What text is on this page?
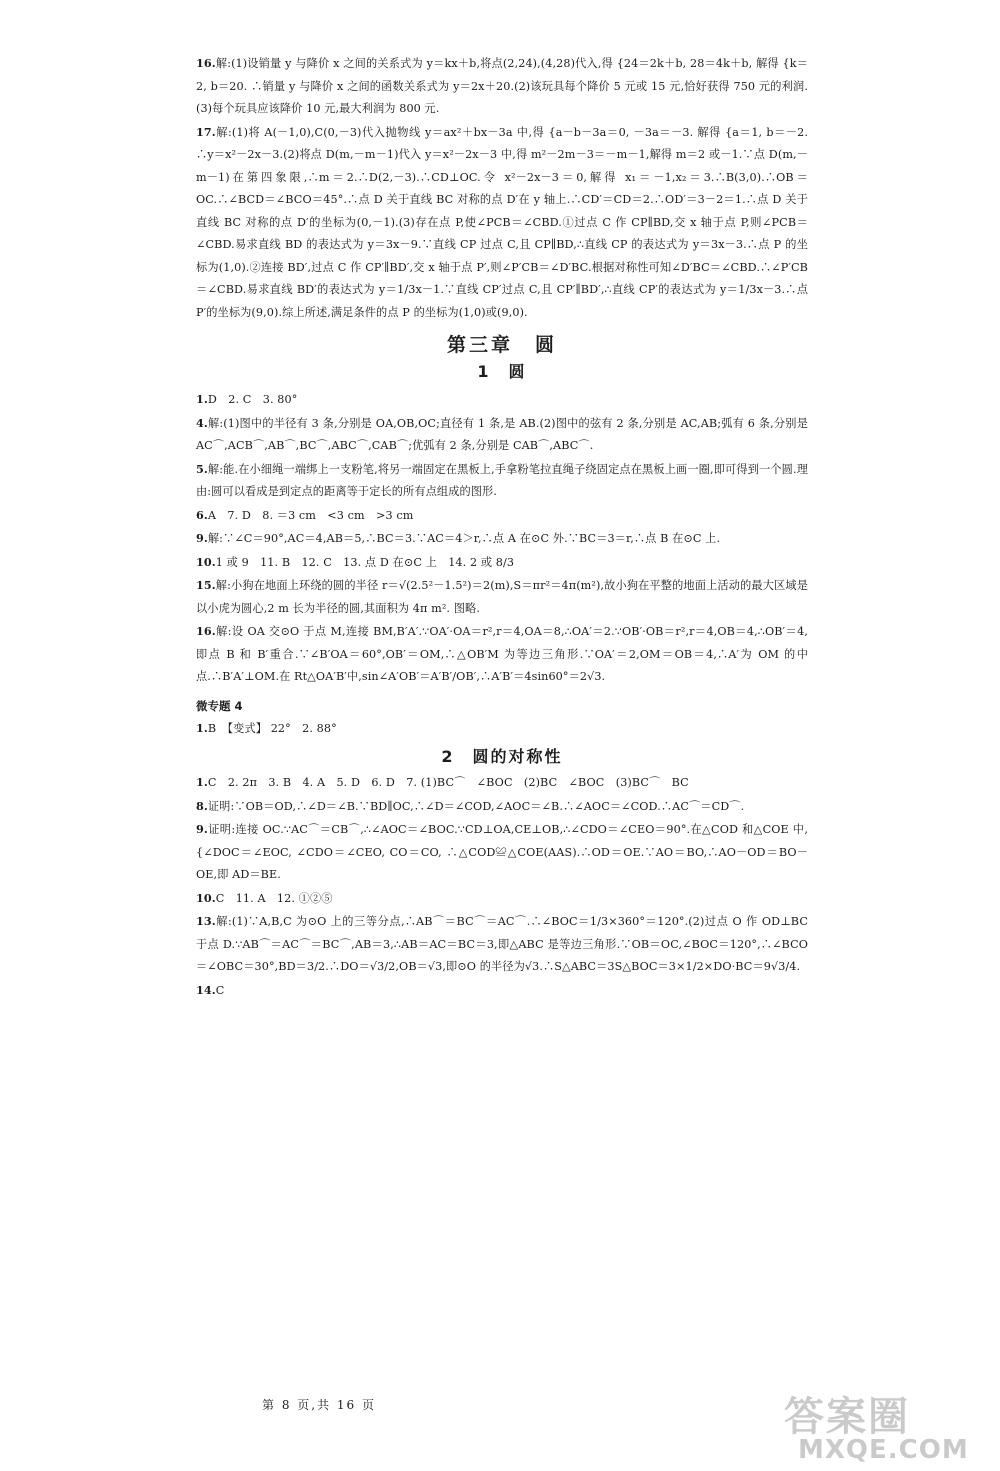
16.解:(1)设销量 y 与降价 x 之间的关系式为 y＝kx＋b,将点(2,24),(4,28)代入,得 {24＝2k＋b, 28＝4k＋b, 解得 {k＝2, b＝20. ∴销量 y 与降价 x 之间的函数关系式为 y＝2x＋20.(2)该玩具每个降价 5 元或 15 元,恰好获得 750 元的利润.(3)每个玩具应该降价 10 元,最大利润为 800 元.

17.解:(1)将 A(－1,0),C(0,－3)代入抛物线 y＝ax²＋bx－3a 中,得 {a－b－3a＝0, －3a＝－3. 解得 {a＝1, b＝－2. ∴y＝x²－2x－3.(2)将点 D(m,－m－1)代入 y＝x²－2x－3 中,得 m²－2m－3＝－m－1,解得 m＝2 或－1.∵点 D(m,－m－1)在第四象限,∴m＝2.∴D(2,－3).∴CD⊥OC.令 x²－2x－3＝0,解得 x₁＝－1,x₂＝3.∴B(3,0).∴OB＝OC.∴∠BCD＝∠BCO＝45°.∴点 D 关于直线 BC 对称的点 D′在 y 轴上.∴CD′＝CD＝2.∴OD′＝3－2＝1.∴点 D 关于直线 BC 对称的点 D′的坐标为(0,－1).(3)存在点 P,使∠PCB＝∠CBD.①过点 C 作 CP∥BD,交 x 轴于点 P,则∠PCB＝∠CBD.易求直线 BD 的表达式为 y＝3x－9.∵直线 CP 过点 C,且 CP∥BD,∴直线 CP 的表达式为 y＝3x－3.∴点 P 的坐标为(1,0).②连接 BD′,过点 C 作 CP′∥BD′,交 x 轴于点 P′,则∠P′CB＝∠D′BC.根据对称性可知∠D′BC＝∠CBD.∴∠P′CB＝∠CBD.易求直线 BD′的表达式为 y＝1/3x－1.∵直线 CP′过点 C,且 CP′∥BD′,∴直线 CP′的表达式为 y＝1/3x－3.∴点 P′的坐标为(9,0).综上所述,满足条件的点 P 的坐标为(1,0)或(9,0).

第三章　圆
1　圆

1.D　2. C　3. 80°

4.解:(1)图中的半径有 3 条,分别是 OA,OB,OC;直径有 1 条,是 AB.(2)图中的弦有 2 条,分别是 AC,AB;弧有 6 条,分别是 AC⌒,ACB⌒,AB⌒,BC⌒,ABC⌒,CAB⌒;优弧有 2 条,分别是 CAB⌒,ABC⌒.

5.解:能.在小细绳一端绑上一支粉笔,将另一端固定在黑板上,手拿粉笔拉直绳子绕固定点在黑板上画一圈,即可得到一个圆.理由:圆可以看成是到定点的距离等于定长的所有点组成的图形.

6.A　7. D　8. ＝3 cm　<3 cm　>3 cm

9.解:∵∠C＝90°,AC＝4,AB＝5,∴BC＝3.∵AC＝4＞r,∴点 A 在⊙C 外.∵BC＝3＝r,∴点 B 在⊙C 上.

10.1 或 9　11. B　12. C　13. 点 D 在⊙C 上　14. 2 或 8/3

15.解:小狗在地面上环绕的圆的半径 r＝√(2.5²－1.5²)＝2(m),S＝πr²＝4π(m²),故小狗在平整的地面上活动的最大区域是以小虎为圆心,2 m 长为半径的圆,其面积为 4π m². 图略.

16.解:设 OA 交⊙O 于点 M,连接 BM,B′A′.∵OA′·OA＝r²,r＝4,OA＝8,∴OA′＝2.∵OB′·OB＝r²,r＝4,OB＝4,∴OB′＝4,即点 B 和 B′重合.∵∠B′OA＝60°,OB′＝OM,∴△OB′M 为等边三角形.∵OA′＝2,OM＝OB＝4,∴A′为 OM 的中点.∴B′A′⊥OM.在 Rt△OA′B′中,sin∠A′OB′＝A′B′/OB′,∴A′B′＝4sin60°＝2√3.

微专题 4

1.B　【变式】 22°　2. 88°

2　圆的对称性

1.C　2. 2π　3. B　4. A　5. D　6. D　7. (1)BC⌒　∠BOC　(2)BC　∠BOC　(3)BC⌒　BC

8.证明:∵OB＝OD,∴∠D＝∠B.∵BD∥OC,∴∠D＝∠COD,∠AOC＝∠B.∴∠AOC＝∠COD.∴AC⌒＝CD⌒.

9.证明:连接 OC.∵AC⌒＝CB⌒,∴∠AOC＝∠BOC.∵CD⊥OA,CE⊥OB,∴∠CDO＝∠CEO＝90°.在△COD 和△COE 中,{∠DOC＝∠EOC, ∠CDO＝∠CEO, CO＝CO, ∴△COD≌△COE(AAS).∴OD＝OE.∵AO＝BO,∴AO－OD＝BO－OE,即 AD＝BE.

10.C　11. A　12. ①②⑤

13.解:(1)∵A,B,C 为⊙O 上的三等分点,∴AB⌒＝BC⌒＝AC⌒.∴∠BOC＝1/3×360°＝120°.(2)过点 O 作 OD⊥BC 于点 D.∵AB⌒＝AC⌒＝BC⌒,AB＝3,∴AB＝AC＝BC＝3,即△ABC 是等边三角形.∵OB＝OC,∠BOC＝120°,∴∠BCO＝∠OBC＝30°,BD＝3/2.∴DO＝√3/2,OB＝√3,即⊙O 的半径为√3.∴S△ABC＝3S△BOC＝3×1/2×DO·BC＝9√3/4.

14.C

第 8 页,共 16 页	答案圈
MXQE.COM
